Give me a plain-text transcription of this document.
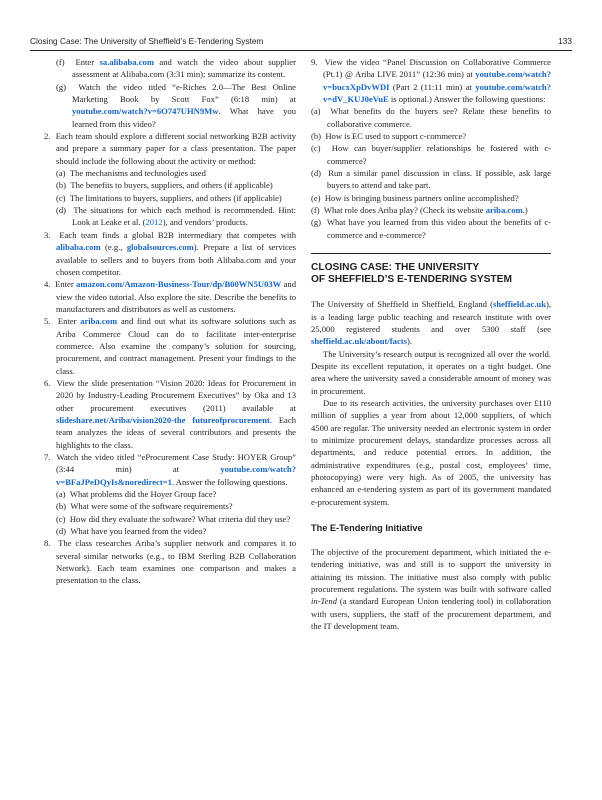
Closing Case: The University of Sheffield’s E-Tendering System	133

(f)  Enter sa.alibaba.com and watch the video about supplier assessment at Alibaba.com (3:31 min); summarize its content.

(g)  Watch the video titled “e-Riches 2.0—The Best Online Marketing Book by Scott Fox” (6:18 min) at youtube.com/watch?v=6O747UHN9Mw. What have you learned from this video?

2.  Each team should explore a different social networking B2B activity and prepare a summary paper for a class presentation. The paper should include the following about the activity or method:

(a)  The mechanisms and technologies used

(b)  The benefits to buyers, suppliers, and others (if applicable)

(c)  The limitations to buyers, suppliers, and others (if applicable)

(d)  The situations for which each method is recommended. Hint: Look at Leake et al. (2012), and vendors’ products.

3.  Each team finds a global B2B intermediary that competes with alibaba.com (e.g., globalsources.com). Prepare a list of services available to sellers and to buyers from both Alibaba.com and your chosen competitor.

4.  Enter amazon.com/Amazon-Business-Tour/dp/B00WN5U03W and view the video tutorial. Also explore the site. Describe the benefits to manufacturers and distributors as well as customers.

5.  Enter ariba.com and find out what its software solutions such as Ariba Commerce Cloud can do to facilitate inter-enterprise commerce. Also examine the company’s solution for sourcing, procurement, and contract management. Present your findings to the class.

6.  View the slide presentation “Vision 2020: Ideas for Procurement in 2020 by Industry-Leading Procurement Executives” by Oka and 13 other procurement executives (2011) available at slideshare.net/Ariba/vision2020-the futureofprocurement. Each team analyzes the ideas of several contributors and presents the highlights to the class.

7.  Watch the video titled “eProcurement Case Study: HOYER Group” (3:44 min) at youtube.com/watch?v=BFaJPeDQyIs&noredirect=1. Answer the following questions.

(a)  What problems did the Hoyer Group face?

(b)  What were some of the software requirements?

(c)  How did they evaluate the software? What criteria did they use?

(d)  What have you learned from the video?

8.  The class researches Ariba’s supplier network and compares it to several similar networks (e.g., to IBM Sterling B2B Collaboration Network). Each team examines one comparison and makes a presentation to the class.

9.  View the video “Panel Discussion on Collaborative Commerce (Pt.1) @ Ariba LIVE 2011” (12:36 min) at youtube.com/watch?v=bucxXpDvWDI (Part 2 (11:11 min) at youtube.com/watch?v=dV_KUJ0eVuE is optional.) Answer the following questions:

(a)  What benefits do the buyers see? Relate these benefits to collaborative commerce.

(b)  How is EC used to support c-commerce?

(c)  How can buyer/supplier relationships be fostered with c-commerce?

(d)  Run a similar panel discussion in class. If possible, ask large buyers to attend and take part.

(e)  How is bringing business partners online accomplished?

(f)  What role does Ariba play? (Check its website ariba.com.)

(g)  What have you learned from this video about the benefits of c-commerce and e-commerce?

CLOSING CASE: THE UNIVERSITY
OF SHEFFIELD’S E-TENDERING SYSTEM

The University of Sheffield in Sheffield, England (sheffield.ac.uk), is a leading large public teaching and research institute with over 25,000 registered students and over 5300 staff (see sheffield.ac.uk/about/facts).

The University’s research output is recognized all over the world. Despite its excellent reputation, it operates on a tight budget. One area where the university saved a considerable amount of money was in procurement.

Due to its research activities, the university purchases over £110 million of supplies a year from about 12,000 suppliers, of which 4500 are regular. The university needed an electronic system in order to minimize procurement delays, standardize processes across all departments, and reduce potential errors. In addition, the administrative expenditures (e.g., postal cost, employees’ time, photocopying) were very high. As of 2005, the university has enhanced an e-tendering system as part of its government mandated e-procurement system.

The E-Tendering Initiative

The objective of the procurement department, which initiated the e-tendering initiative, was and still is to support the university in attaining its mission. The initiative must also comply with public procurement regulations. The system was built with software called in-Tend (a standard European Union tendering tool) in collaboration with users, suppliers, the staff of the procurement department, and the IT development team.
